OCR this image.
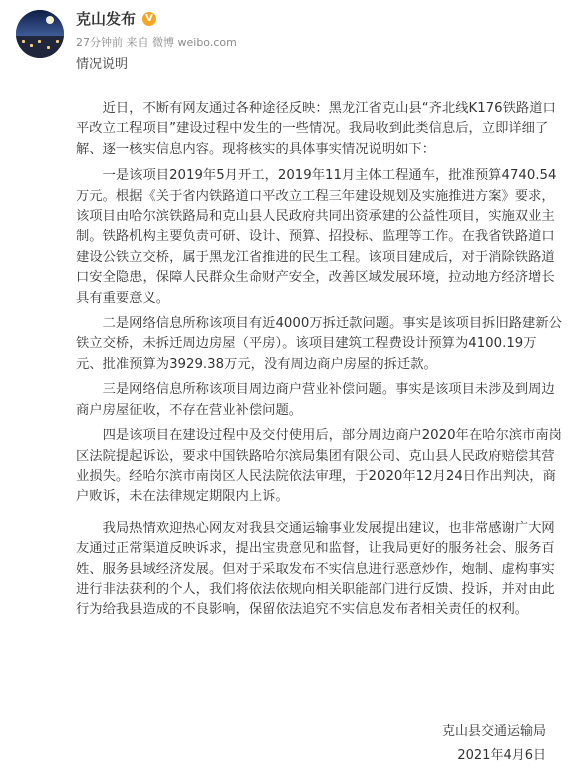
克山发布 V
27分钟前 来自 微博 weibo.com
情况说明

近日，不断有网友通过各种途径反映：黑龙江省克山县“齐北线K176铁路道口平改立工程项目”建设过程中发生的一些情况。我局收到此类信息后，立即详细了解、逐一核实信息内容。现将核实的具体事实情况说明如下：

一是该项目2019年5月开工，2019年11月主体工程通车，批准预算4740.54万元。根据《关于省内铁路道口平改立工程三年建设规划及实施推进方案》要求，该项目由哈尔滨铁路局和克山县人民政府共同出资承建的公益性项目，实施双业主制。铁路机构主要负责可研、设计、预算、招投标、监理等工作。在我省铁路道口建设公铁立交桥，属于黑龙江省推进的民生工程。该项目建成后，对于消除铁路道口安全隐患，保障人民群众生命财产安全，改善区域发展环境，拉动地方经济增长具有重要意义。

二是网络信息所称该项目有近4000万拆迁款问题。事实是该项目拆旧路建新公铁立交桥，未拆迁周边房屋（平房）。该项目建筑工程费设计预算为4100.19万元、批准预算为3929.38万元，没有周边商户房屋的拆迁款。

三是网络信息所称该项目周边商户营业补偿问题。事实是该项目未涉及到周边商户房屋征收，不存在营业补偿问题。

四是该项目在建设过程中及交付使用后，部分周边商户2020年在哈尔滨市南岗区法院提起诉讼，要求中国铁路哈尔滨局集团有限公司、克山县人民政府赔偿其营业损失。经哈尔滨市南岗区人民法院依法审理，于2020年12月24日作出判决，商户败诉，未在法律规定期限内上诉。

我局热情欢迎热心网友对我县交通运输事业发展提出建议，也非常感谢广大网友通过正常渠道反映诉求，提出宝贵意见和监督，让我局更好的服务社会、服务百姓、服务县域经济发展。但对于采取发布不实信息进行恶意炒作，炮制、虚构事实进行非法获利的个人，我们将依法依规向相关职能部门进行反馈、投诉，并对由此行为给我县造成的不良影响，保留依法追究不实信息发布者相关责任的权利。

克山县交通运输局
2021年4月6日
